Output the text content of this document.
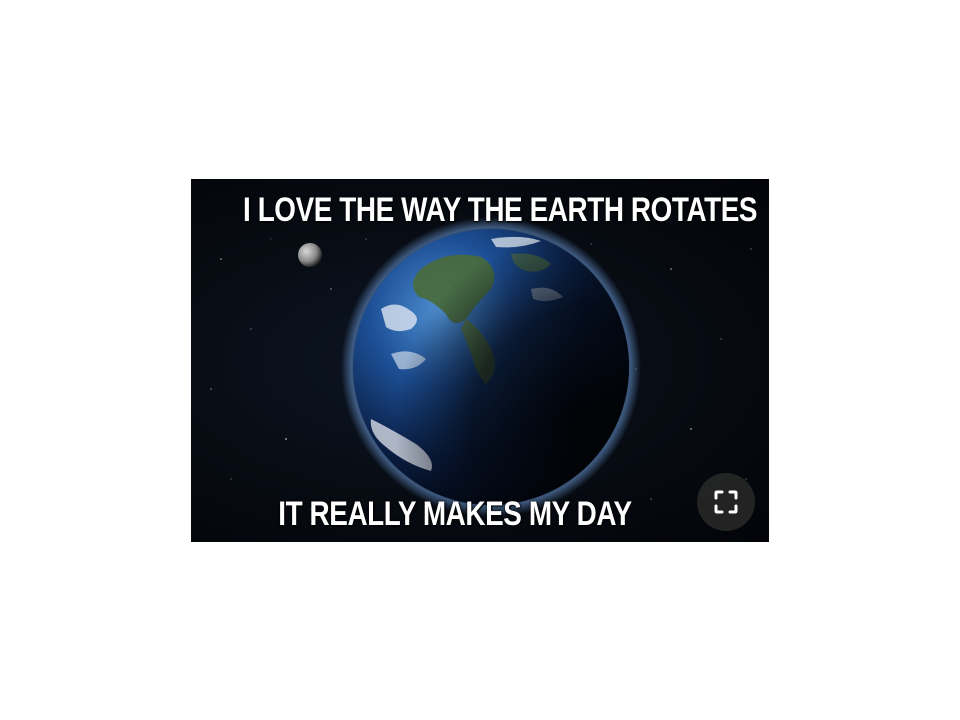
I LOVE THE WAY THE EARTH ROTATES
IT REALLY MAKES MY DAY
